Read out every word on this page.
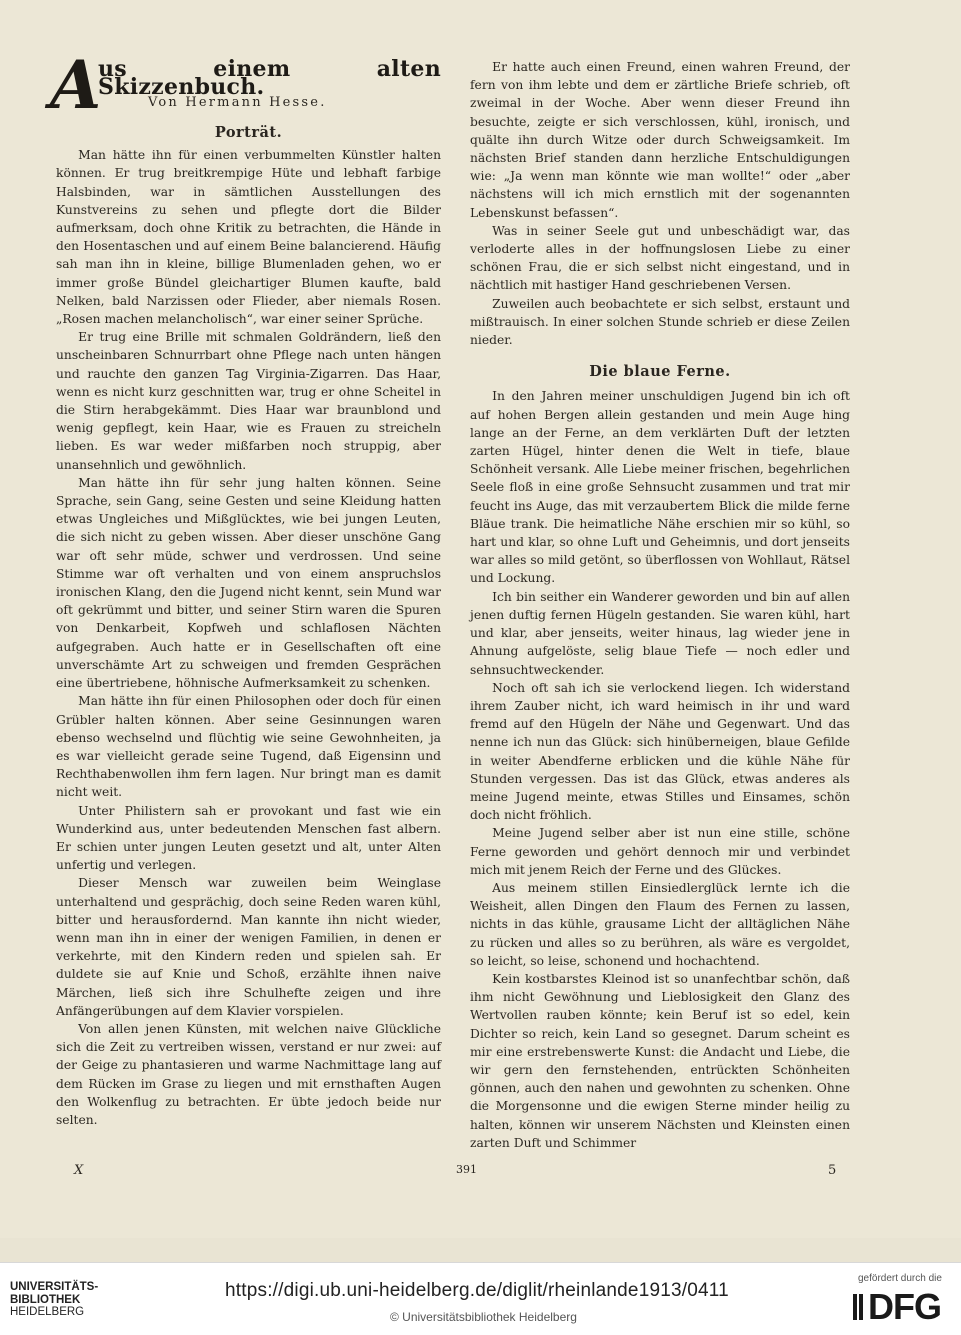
A
us einem alten Skizzenbuch.
Von Hermann Hesse.
Porträt.

Man hätte ihn für einen verbummelten Künstler halten können. Er trug breitkrempige Hüte und lebhaft farbige Halsbinden, war in sämtlichen Ausstellungen des Kunstvereins zu sehen und pflegte dort die Bilder aufmerksam, doch ohne Kritik zu betrachten, die Hände in den Hosentaschen und auf einem Beine balancierend. Häufig sah man ihn in kleine, billige Blumenladen gehen, wo er immer große Bündel gleichartiger Blumen kaufte, bald Nelken, bald Narzissen oder Flieder, aber niemals Rosen. „Rosen machen melancholisch“, war einer seiner Sprüche.

Er trug eine Brille mit schmalen Goldrändern, ließ den unscheinbaren Schnurrbart ohne Pflege nach unten hängen und rauchte den ganzen Tag Virginia-Zigarren. Das Haar, wenn es nicht kurz geschnitten war, trug er ohne Scheitel in die Stirn herabgekämmt. Dies Haar war braunblond und wenig gepflegt, kein Haar, wie es Frauen zu streicheln lieben. Es war weder mißfarben noch struppig, aber unansehnlich und gewöhnlich.

Man hätte ihn für sehr jung halten können. Seine Sprache, sein Gang, seine Gesten und seine Kleidung hatten etwas Ungleiches und Mißglücktes, wie bei jungen Leuten, die sich nicht zu geben wissen. Aber dieser unschöne Gang war oft sehr müde, schwer und verdrossen. Und seine Stimme war oft verhalten und von einem anspruchslos ironischen Klang, den die Jugend nicht kennt, sein Mund war oft gekrümmt und bitter, und seiner Stirn waren die Spuren von Denkarbeit, Kopfweh und schlaflosen Nächten aufgegraben. Auch hatte er in Gesellschaften oft eine unverschämte Art zu schweigen und fremden Gesprächen eine übertriebene, höhnische Aufmerksamkeit zu schenken.

Man hätte ihn für einen Philosophen oder doch für einen Grübler halten können. Aber seine Gesinnungen waren ebenso wechselnd und flüchtig wie seine Gewohnheiten, ja es war vielleicht gerade seine Tugend, daß Eigensinn und Rechthabenwollen ihm fern lagen. Nur bringt man es damit nicht weit.

Unter Philistern sah er provokant und fast wie ein Wunderkind aus, unter bedeutenden Menschen fast albern. Er schien unter jungen Leuten gesetzt und alt, unter Alten unfertig und verlegen.

Dieser Mensch war zuweilen beim Weinglase unterhaltend und gesprächig, doch seine Reden waren kühl, bitter und herausfordernd. Man kannte ihn nicht wieder, wenn man ihn in einer der wenigen Familien, in denen er verkehrte, mit den Kindern reden und spielen sah. Er duldete sie auf Knie und Schoß, erzählte ihnen naive Märchen, ließ sich ihre Schulhefte zeigen und ihre Anfängerübungen auf dem Klavier vorspielen.

Von allen jenen Künsten, mit welchen naive Glückliche sich die Zeit zu vertreiben wissen, verstand er nur zwei: auf der Geige zu phantasieren und warme Nachmittage lang auf dem Rücken im Grase zu liegen und mit ernsthaften Augen den Wolkenflug zu betrachten. Er übte jedoch beide nur selten.

Er hatte auch einen Freund, einen wahren Freund, der fern von ihm lebte und dem er zärtliche Briefe schrieb, oft zweimal in der Woche. Aber wenn dieser Freund ihn besuchte, zeigte er sich verschlossen, kühl, ironisch, und quälte ihn durch Witze oder durch Schweigsamkeit. Im nächsten Brief standen dann herzliche Entschuldigungen wie: „Ja wenn man könnte wie man wollte!“ oder „aber nächstens will ich mich ernstlich mit der sogenannten Lebenskunst befassen“.

Was in seiner Seele gut und unbeschädigt war, das verloderte alles in der hoffnungslosen Liebe zu einer schönen Frau, die er sich selbst nicht eingestand, und in nächtlich mit hastiger Hand geschriebenen Versen.

Zuweilen auch beobachtete er sich selbst, erstaunt und mißtrauisch. In einer solchen Stunde schrieb er diese Zeilen nieder.

Die blaue Ferne.

In den Jahren meiner unschuldigen Jugend bin ich oft auf hohen Bergen allein gestanden und mein Auge hing lange an der Ferne, an dem verklärten Duft der letzten zarten Hügel, hinter denen die Welt in tiefe, blaue Schönheit versank. Alle Liebe meiner frischen, begehrlichen Seele floß in eine große Sehnsucht zusammen und trat mir feucht ins Auge, das mit verzaubertem Blick die milde ferne Bläue trank. Die heimatliche Nähe erschien mir so kühl, so hart und klar, so ohne Luft und Geheimnis, und dort jenseits war alles so mild getönt, so überflossen von Wohllaut, Rätsel und Lockung.

Ich bin seither ein Wanderer geworden und bin auf allen jenen duftig fernen Hügeln gestanden. Sie waren kühl, hart und klar, aber jenseits, weiter hinaus, lag wieder jene in Ahnung aufgelöste, selig blaue Tiefe — noch edler und sehnsuchtweckender.

Noch oft sah ich sie verlockend liegen. Ich widerstand ihrem Zauber nicht, ich ward heimisch in ihr und ward fremd auf den Hügeln der Nähe und Gegenwart. Und das nenne ich nun das Glück: sich hinüberneigen, blaue Gefilde in weiter Abendferne erblicken und die kühle Nähe für Stunden vergessen. Das ist das Glück, etwas anderes als meine Jugend meinte, etwas Stilles und Einsames, schön doch nicht fröhlich.

Meine Jugend selber aber ist nun eine stille, schöne Ferne geworden und gehört dennoch mir und verbindet mich mit jenem Reich der Ferne und des Glückes.

Aus meinem stillen Einsiedlerglück lernte ich die Weisheit, allen Dingen den Flaum des Fernen zu lassen, nichts in das kühle, grausame Licht der alltäglichen Nähe zu rücken und alles so zu berühren, als wäre es vergoldet, so leicht, so leise, schonend und hochachtend.

Kein kostbarstes Kleinod ist so unanfechtbar schön, daß ihm nicht Gewöhnung und Lieblosigkeit den Glanz des Wertvollen rauben könnte; kein Beruf ist so edel, kein Dichter so reich, kein Land so gesegnet. Darum scheint es mir eine erstrebenswerte Kunst: die Andacht und Liebe, die wir gern den fernstehenden, entrückten Schönheiten gönnen, auch den nahen und gewohnten zu schenken. Ohne die Morgensonne und die ewigen Sterne minder heilig zu halten, können wir unserem Nächsten und Kleinsten einen zarten Duft und Schimmer

X	391	5
UNIVERSITÄTS-
BIBLIOTHEK
HEIDELBERG
https://digi.ub.uni-heidelberg.de/diglit/rheinlande1913/0411
© Universitätsbibliothek Heidelberg
gefördert durch die
DFG
